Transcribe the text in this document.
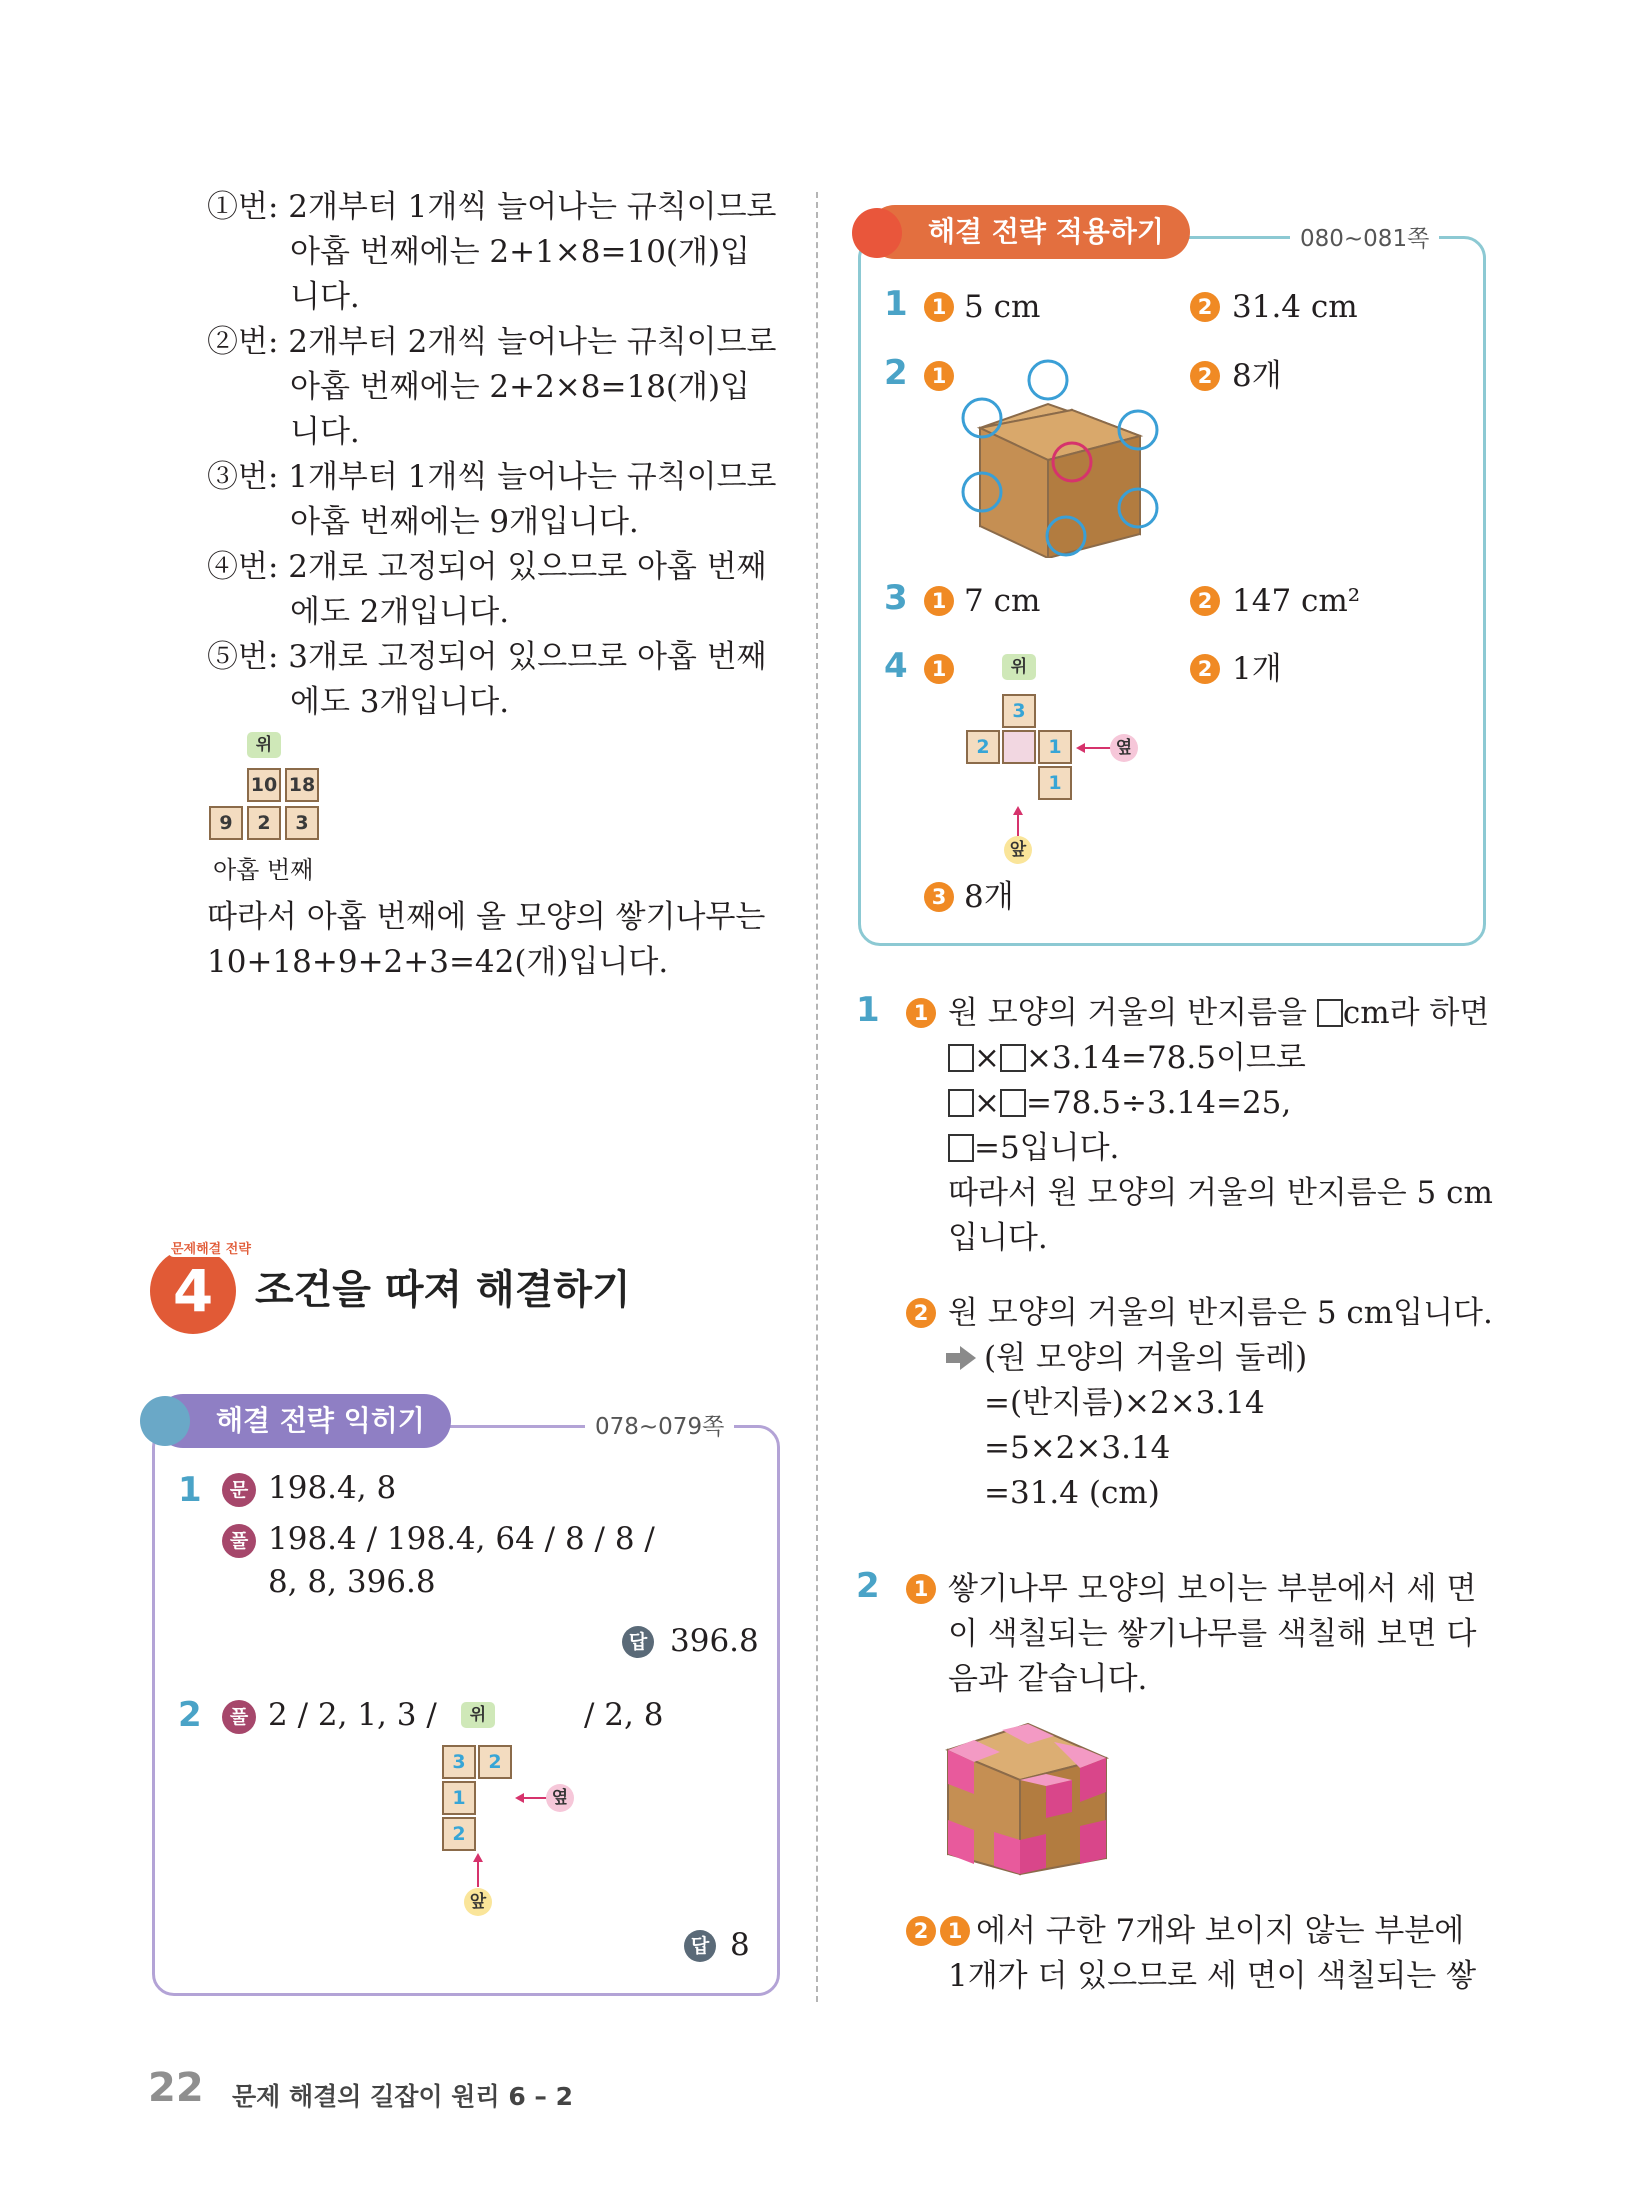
①번: 2개부터 1개씩 늘어나는 규칙이므로
아홉 번째에는 2+1×8=10(개)입
니다.
②번: 2개부터 2개씩 늘어나는 규칙이므로
아홉 번째에는 2+2×8=18(개)입
니다.
③번: 1개부터 1개씩 늘어나는 규칙이므로
아홉 번째에는 9개입니다.
④번: 2개로 고정되어 있으므로 아홉 번째
에도 2개입니다.
⑤번: 3개로 고정되어 있으므로 아홉 번째
에도 3개입니다.
위
10 18
9	2	3
아홉 번째
따라서 아홉 번째에 올 모양의 쌓기나무는
10+18+9+2+3=42(개)입니다.
4
문제해결 전략
조건을 따져 해결하기
해결 전략 익히기	078~079쪽
1	문 198.4, 8
풀 198.4 / 198.4, 64 / 8 / 8 /
8, 8, 396.8
답 396.8
2	풀 2 / 2, 1, 3 /	/ 2, 8
위
3	2
1
2
옆
앞
답 8
해결 전략 적용하기	080~081쪽
1	1 5 cm	2 31.4 cm
2	1	2 8개
3	1 7 cm	2 147 cm²
4	1	2 1개
위
3
2	1
1
옆
앞
3 8개
1	1 원 모양의 거울의 반지름을 cm라 하면
× ×3.14=78.5이므로
× =78.5÷3.14=25,
=5입니다.
따라서 원 모양의 거울의 반지름은 5 cm
입니다.
2 원 모양의 거울의 반지름은 5 cm입니다.
(원 모양의 거울의 둘레)
=(반지름)×2×3.14
=5×2×3.14
=31.4 (cm)
2	1 쌓기나무 모양의 보이는 부분에서 세 면
이 색칠되는 쌓기나무를 색칠해 보면 다
음과 같습니다.
2 1 에서 구한 7개와 보이지 않는 부분에
1개가 더 있으므로 세 면이 색칠되는 쌓
22 문제 해결의 길잡이 원리 6 – 2
